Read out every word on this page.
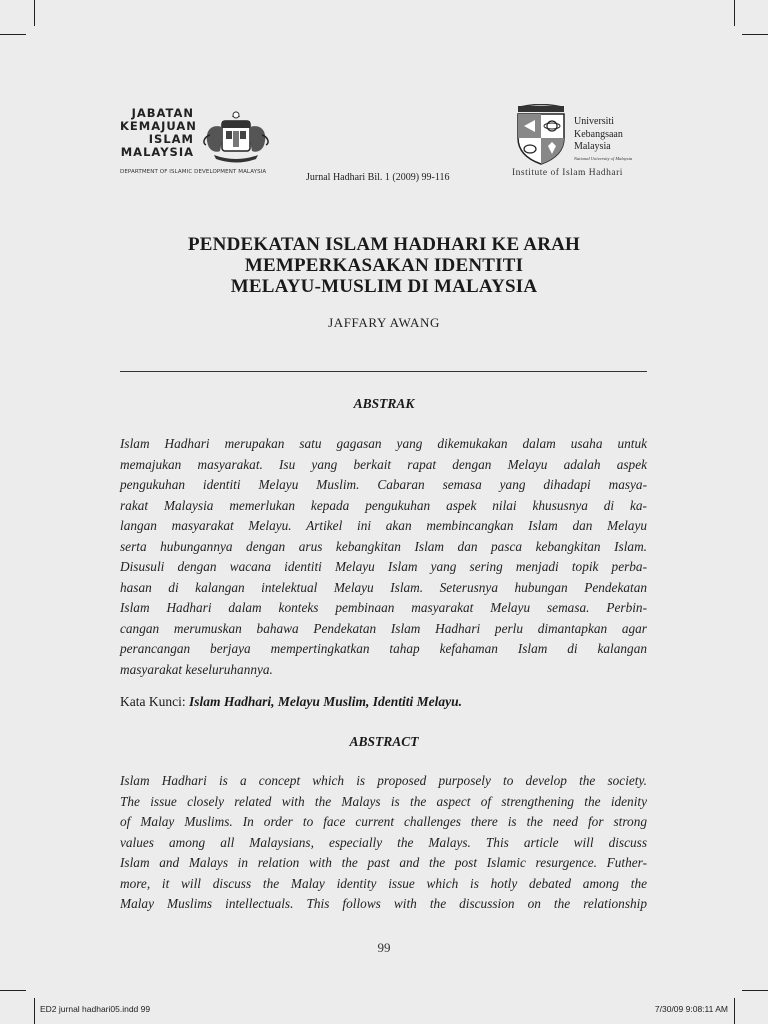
JABATAN
KEMAJUAN
ISLAM
MALAYSIA
DEPARTMENT OF ISLAMIC DEVELOPMENT MALAYSIA	Jurnal Hadhari Bil. 1 (2009) 99-116
Universiti
Kebangsaan
Malaysia
National University of Malaysia
Institute of Islam Hadhari
PENDEKATAN ISLAM HADHARI KE ARAH
MEMPERKASAKAN IDENTITI
MELAYU-MUSLIM DI MALAYSIA
JAFFARY AWANG
ABSTRAK
Islam Hadhari merupakan satu gagasan yang dikemukakan dalam usaha untuk
memajukan masyarakat. Isu yang berkait rapat dengan Melayu adalah aspek
pengukuhan identiti Melayu Muslim. Cabaran semasa yang dihadapi masya-
rakat Malaysia memerlukan kepada pengukuhan aspek nilai khususnya di ka-
langan masyarakat Melayu. Artikel ini akan membincangkan Islam dan Melayu
serta hubungannya dengan arus kebangkitan Islam dan pasca kebangkitan Islam.
Disusuli dengan wacana identiti Melayu Islam yang sering menjadi topik perba-
hasan di kalangan intelektual Melayu Islam. Seterusnya hubungan Pendekatan
Islam Hadhari dalam konteks pembinaan masyarakat Melayu semasa. Perbin-
cangan merumuskan bahawa Pendekatan Islam Hadhari perlu dimantapkan agar
perancangan berjaya mempertingkatkan tahap kefahaman Islam di kalangan
masyarakat keseluruhannya.
Kata Kunci: Islam Hadhari, Melayu Muslim, Identiti Melayu.
ABSTRACT
Islam Hadhari is a concept which is proposed purposely to develop the society.
The issue closely related with the Malays is the aspect of strengthening the idenity
of Malay Muslims. In order to face current challenges there is the need for strong
values among all Malaysians, especially the Malays. This article will discuss
Islam and Malays in relation with the past and the post Islamic resurgence. Futher-
more, it will discuss the Malay identity issue which is hotly debated among the
Malay Muslims intellectuals. This follows with the discussion on the relationship
99
ED2 jurnal hadhari05.indd 99	7/30/09 9:08:11 AM
